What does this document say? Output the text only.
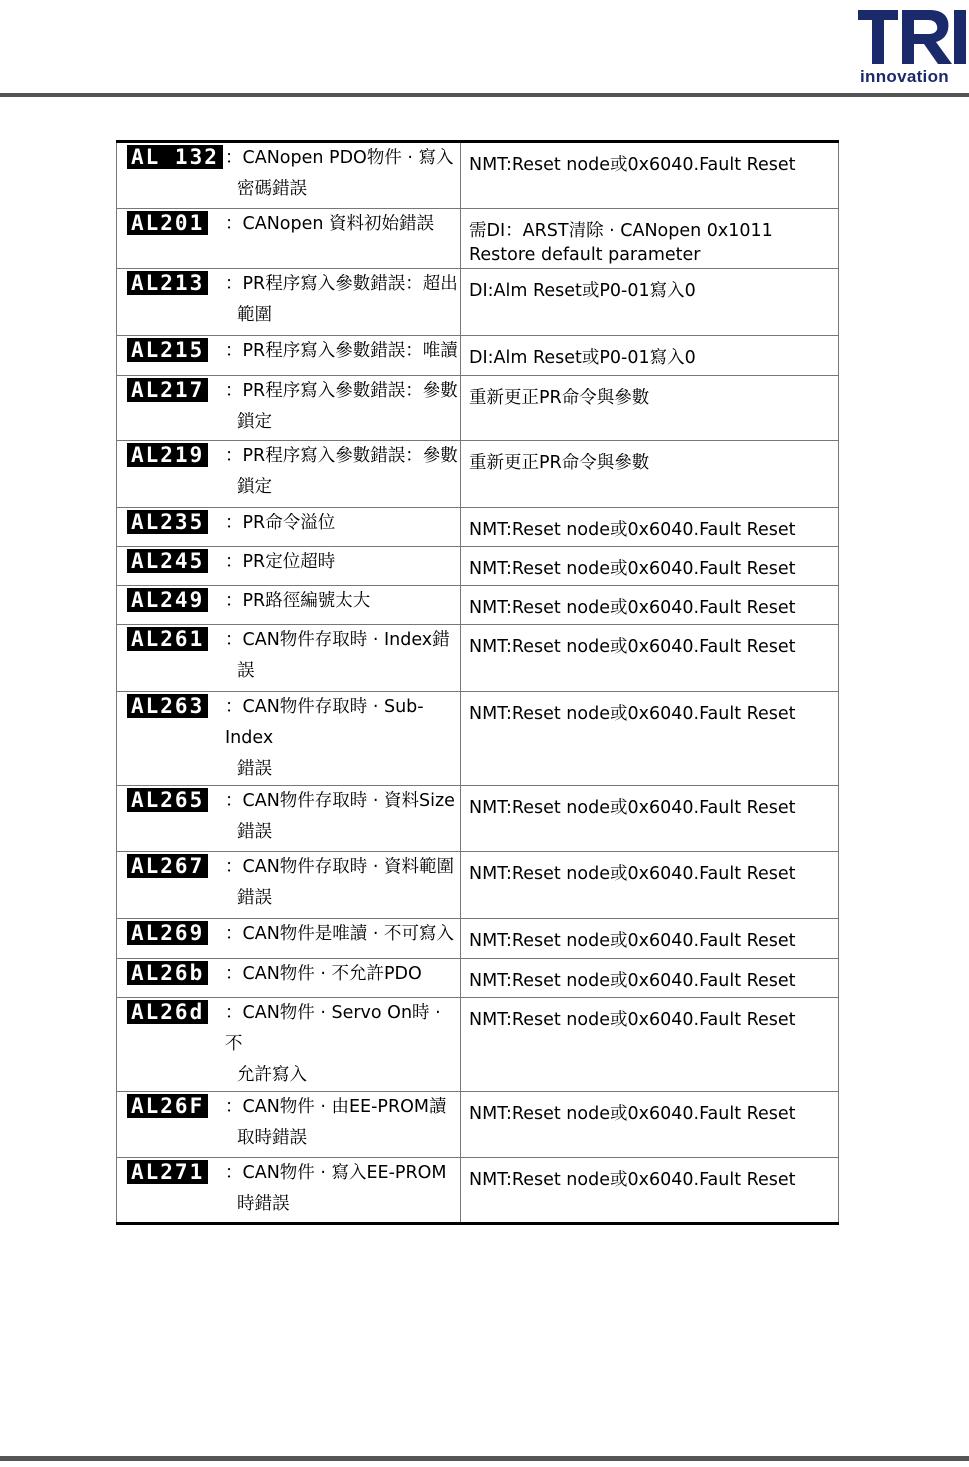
innovation
AL 132 ：CANopen PDO物件 · 寫入
密碼錯誤	NMT:Reset node或0x6040.Fault Reset

AL201 ：CANopen 資料初始錯誤	需DI：ARST清除 · CANopen 0x1011 Restore default parameter

AL213 ：PR程序寫入參數錯誤：超出
範圍	DI:Alm Reset或P0-01寫入0

AL215 ：PR程序寫入參數錯誤：唯讀	DI:Alm Reset或P0-01寫入0

AL217 ：PR程序寫入參數錯誤：參數
鎖定	重新更正PR命令與參數

AL219 ：PR程序寫入參數錯誤：參數
鎖定	重新更正PR命令與參數

AL235 ：PR命令溢位	NMT:Reset node或0x6040.Fault Reset

AL245 ：PR定位超時	NMT:Reset node或0x6040.Fault Reset

AL249 ：PR路徑編號太大	NMT:Reset node或0x6040.Fault Reset

AL261 ：CAN物件存取時 · Index錯
誤	NMT:Reset node或0x6040.Fault Reset

AL263 ：CAN物件存取時 · Sub-Index
錯誤	NMT:Reset node或0x6040.Fault Reset

AL265 ：CAN物件存取時 · 資料Size
錯誤	NMT:Reset node或0x6040.Fault Reset

AL267 ：CAN物件存取時 · 資料範圍
錯誤	NMT:Reset node或0x6040.Fault Reset

AL269 ：CAN物件是唯讀 · 不可寫入	NMT:Reset node或0x6040.Fault Reset

AL26b ：CAN物件 · 不允許PDO	NMT:Reset node或0x6040.Fault Reset

AL26d ：CAN物件 · Servo On時 · 不
允許寫入	NMT:Reset node或0x6040.Fault Reset

AL26F ：CAN物件 · 由EE-PROM讀
取時錯誤	NMT:Reset node或0x6040.Fault Reset

AL271 ：CAN物件 · 寫入EE-PROM
時錯誤	NMT:Reset node或0x6040.Fault Reset
